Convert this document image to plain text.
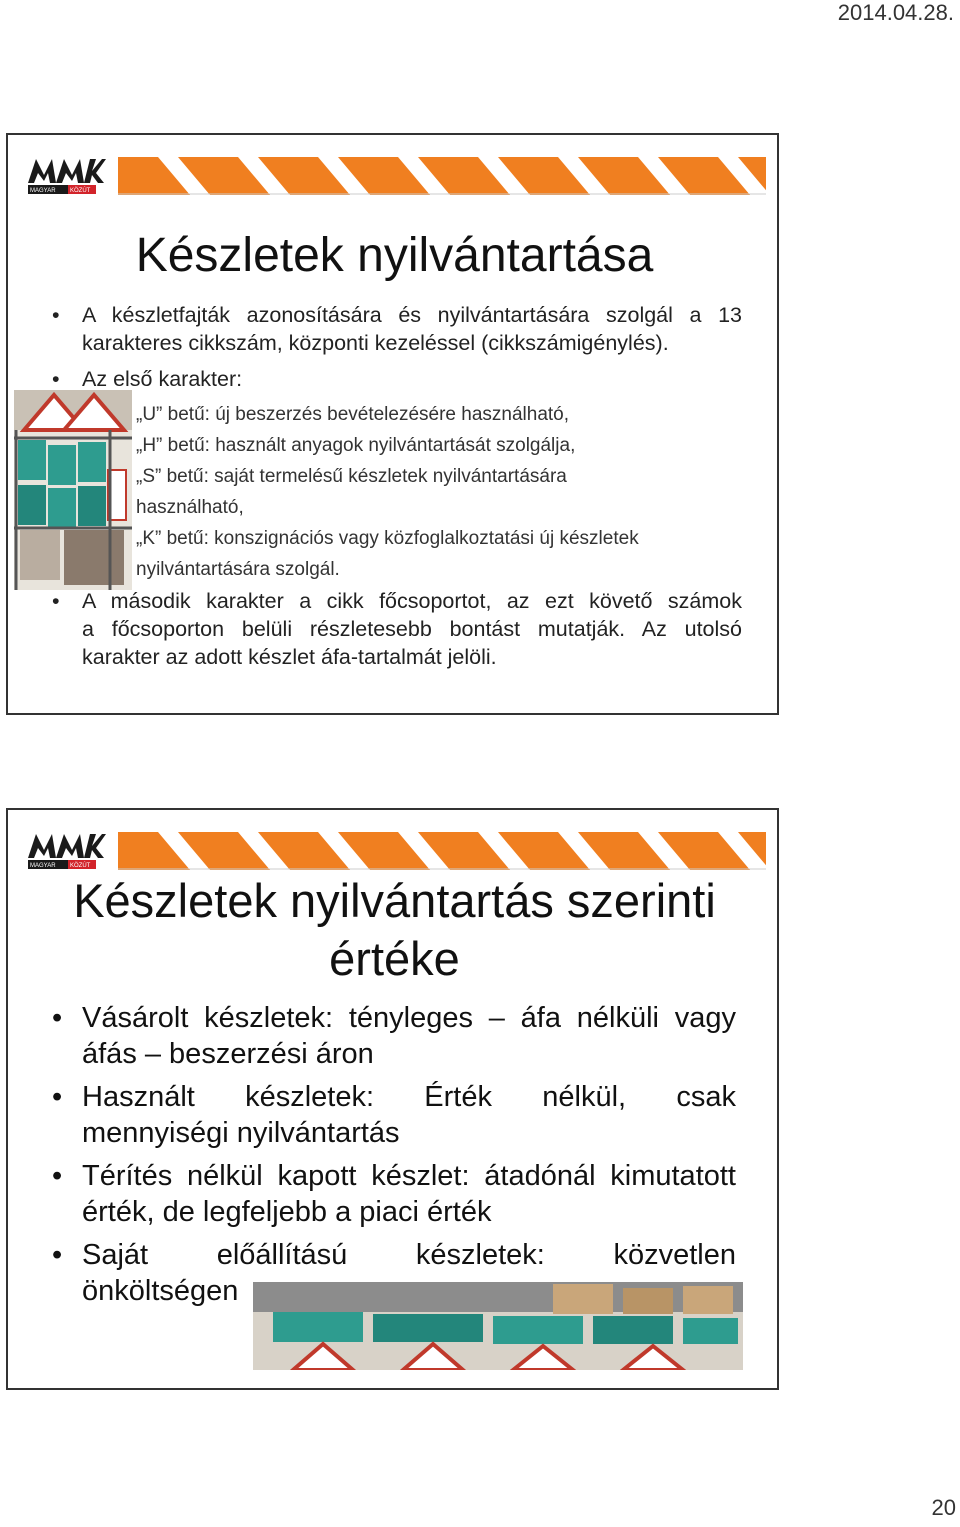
2014.04.28.
MAGYAR KÖZÚT
Készletek nyilvántartása
• A készletfajták azonosítására és nyilvántartására szolgál a 13
karakteres cikkszám, központi kezeléssel (cikkszámigénylés).
• Az első karakter:
„U” betű: új beszerzés bevételezésére használható,
„H” betű: használt anyagok nyilvántartását szolgálja,
„S” betű: saját termelésű készletek nyilvántartására
használható,
„K” betű: konszignációs vagy közfoglalkoztatási új készletek
nyilvántartására szolgál.
• A második karakter a cikk főcsoportot, az ezt követő számok
a főcsoporton belüli részletesebb bontást mutatják. Az utolsó
karakter az adott készlet áfa-tartalmát jelöli.
MAGYAR KÖZÚT
Készletek nyilvántartás szerinti
értéke
• Vásárolt készletek: tényleges – áfa nélküli vagy
áfás – beszerzési áron
• Használt készletek: Érték nélkül, csak
mennyiségi nyilvántartás
• Térítés nélkül kapott készlet: átadónál kimutatott
érték, de legfeljebb a piaci érték
• Saját előállítású készletek: közvetlen
önköltségen
20
